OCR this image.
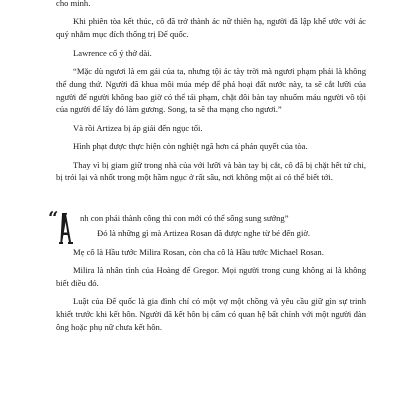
cho minh.

Khi phiên tòa kết thúc, cô đã trở thành ác nữ thiên hạ, người đã lập khế ước với ác quỷ nhằm mục đích thống trị Đế quốc.

Lawrence cố ý thở dài.

“Mặc dù ngươi là em gái của ta, nhưng tội ác tày trời mà ngươi phạm phải là không thể dung thứ. Người đã khua môi múa mép để phá hoại đất nước này, ta sẽ cắt lưỡi của người để người không bao giờ có thể tái phạm, chặt đôi bàn tay nhuốm máu người vô tội của người để lấy đó làm gương. Song, ta sẽ tha mạng cho ngươi.”

Và rồi Artizea bị áp giải đến ngục tối.

Hình phạt được thực hiện còn nghiệt ngã hơn cả phán quyết của tòa.

Thay vì bị giam giữ trong nhà của với lưỡi và bàn tay bị cắt, cô đã bị chặt hết tứ chi, bị trói lại và nhốt trong một hầm ngục ở rất sâu, nơi không một ai có thể biết tới.

“	nh con phải thành công thì con mới có thể sống sung sướng”

Đó là những gì mà Artizea Rosan đã được nghe từ bé đến giờ.

Mẹ cô là Hầu tước Milira Rosan, còn cha cô là Hầu tước Michael Rosan.

Milira là nhân tình của Hoàng đế Gregor. Mọi người trong cung không ai là không biết điều đó.

Luật của Đế quốc là gia đình chỉ có một vợ một chồng và yêu cầu giữ gìn sự trinh khiết trước khi kết hôn. Người đã kết hôn bị cấm có quan hệ bất chính với một người đàn ông hoặc phụ nữ chưa kết hôn.
